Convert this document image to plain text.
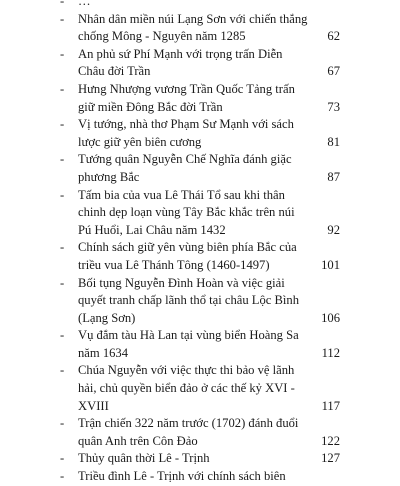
- …
- Nhân dân miền núi Lạng Sơn với chiến thắng chống Mông - Nguyên năm 1285	62
- An phủ sứ Phí Mạnh với trọng trấn Diễn Châu đời Trần	67
- Hưng Nhượng vương Trần Quốc Tảng trấn giữ miền Đông Bắc đời Trần	73
- Vị tướng, nhà thơ Phạm Sư Mạnh với sách lược giữ yên biên cương	81
- Tướng quân Nguyễn Chế Nghĩa đánh giặc phương Bắc	87
- Tấm bia của vua Lê Thái Tổ sau khi thân chinh dẹp loạn vùng Tây Bắc khắc trên núi Pú Huổi, Lai Châu năm 1432	92
- Chính sách giữ yên vùng biên phía Bắc của triều vua Lê Thánh Tông (1460-1497)	101
- Bối tụng Nguyễn Đình Hoàn và việc giải quyết tranh chấp lãnh thổ tại châu Lộc Bình (Lạng Sơn)	106
- Vụ đắm tàu Hà Lan tại vùng biển Hoàng Sa năm 1634	112
- Chúa Nguyễn với việc thực thi bảo vệ lãnh hải, chủ quyền biển đảo ở các thế kỷ XVI - XVIII	117
- Trận chiến 322 năm trước (1702) đánh đuổi quân Anh trên Côn Đảo	122
- Thủy quân thời Lê - Trịnh	127
- Triều đình Lê - Trịnh với chính sách biên
